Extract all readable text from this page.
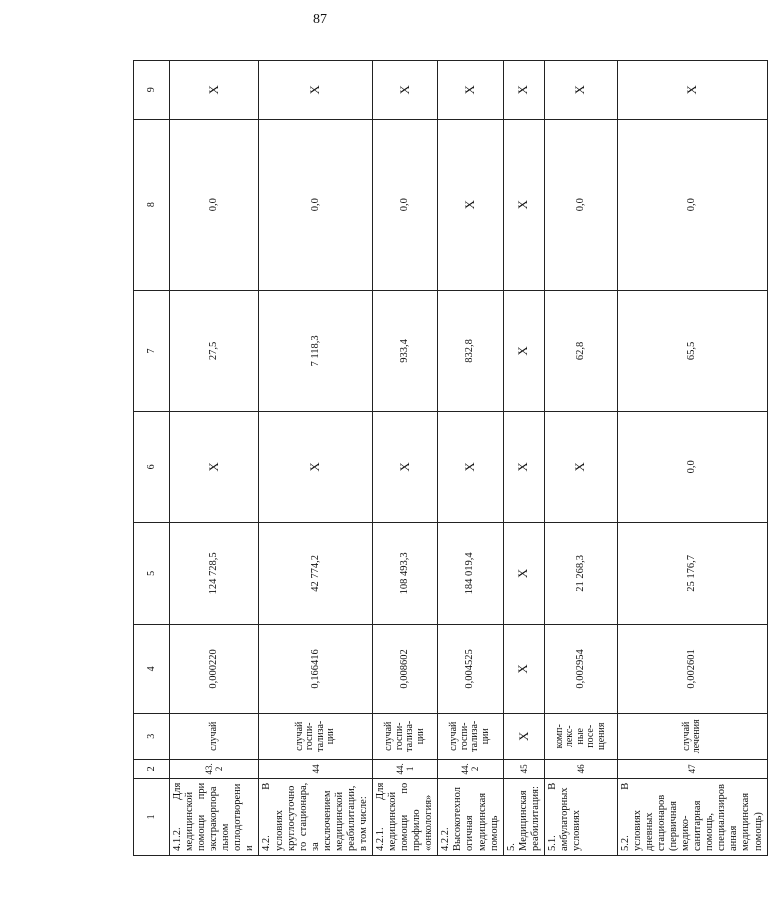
87
1	2	3	4	5	6	7	8	9

4.1.2. Для медицинской помощи при экстракорпоральном оплодотворении	43.2	случай	0,000220	124 728,5	Х	27,5	0,0	Х

4.2. В условиях круглосуточного стационара, за исключением медицинской реабилитации, в том числе:	44	случай госпи- тализа- ции	0,166416	42 774,2	Х	7 118,3	0,0	Х

4.2.1. Для медицинской помощи по профилю «онкология»	44.1	случай госпи- тализа- ции	0,008602	108 493,3	Х	933,4	0,0	Х

4.2.2. Высокотехнологичная медицинская помощь	44.2	случай госпи- тализа- ции	0,004525	184 019,4	Х	832,8	Х	Х

5. Медицинская реабилитация:	45	Х	Х	Х	Х	Х	Х	Х

5.1. В амбулаторных условиях	46	комп- лекс- ные посе- щения	0,002954	21 268,3	Х	62,8	0,0	Х

5.2. В условиях дневных стационаров (первичная медико-санитарная помощь, специализированная медицинская помощь)	47	случай лечения	0,002601	25 176,7	0,0	65,5	0,0	Х
